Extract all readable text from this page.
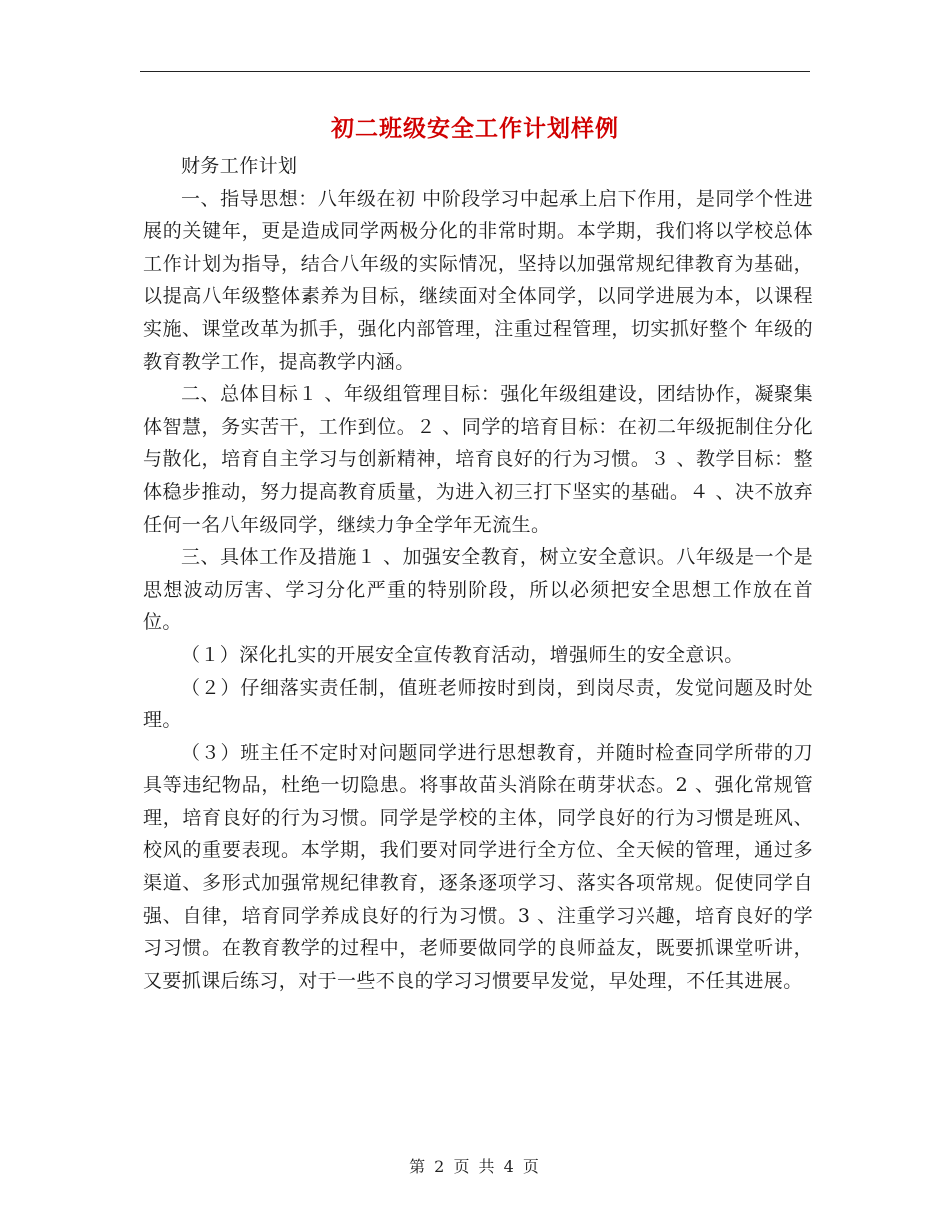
初二班级安全工作计划样例

财务工作计划

一、指导思想：八年级在初 中阶段学习中起承上启下作用，是同学个性进展的关键年，更是造成同学两极分化的非常时期。本学期，我们将以学校总体工作计划为指导，结合八年级的实际情况，坚持以加强常规纪律教育为基础，以提高八年级整体素养为目标，继续面对全体同学，以同学进展为本，以课程实施、课堂改革为抓手，强化内部管理，注重过程管理，切实抓好整个 年级的教育教学工作，提高教学内涵。

二、总体目标１ 、年级组管理目标：强化年级组建设，团结协作，凝聚集体智慧，务实苦干，工作到位。２ 、同学的培育目标：在初二年级扼制住分化与散化，培育自主学习与创新精神，培育良好的行为习惯。３ 、教学目标：整体稳步推动，努力提高教育质量，为进入初三打下坚实的基础。４ 、决不放弃任何一名八年级同学，继续力争全学年无流生。

三、具体工作及措施１ 、加强安全教育，树立安全意识。八年级是一个是思想波动厉害、学习分化严重的特别阶段，所以必须把安全思想工作放在首位。

（１）深化扎实的开展安全宣传教育活动，增强师生的安全意识。

（２）仔细落实责任制，值班老师按时到岗，到岗尽责，发觉问题及时处理。

（３）班主任不定时对问题同学进行思想教育，并随时检查同学所带的刀具等违纪物品，杜绝一切隐患。将事故苗头消除在萌芽状态。2 、强化常规管理，培育良好的行为习惯。同学是学校的主体，同学良好的行为习惯是班风、校风的重要表现。本学期，我们要对同学进行全方位、全天候的管理，通过多渠道、多形式加强常规纪律教育，逐条逐项学习、落实各项常规。促使同学自强、自律，培育同学养成良好的行为习惯。3 、注重学习兴趣，培育良好的学习习惯。在教育教学的过程中，老师要做同学的良师益友，既要抓课堂听讲，又要抓课后练习，对于一些不良的学习习惯要早发觉，早处理，不任其进展。

第 2 页 共 4 页
